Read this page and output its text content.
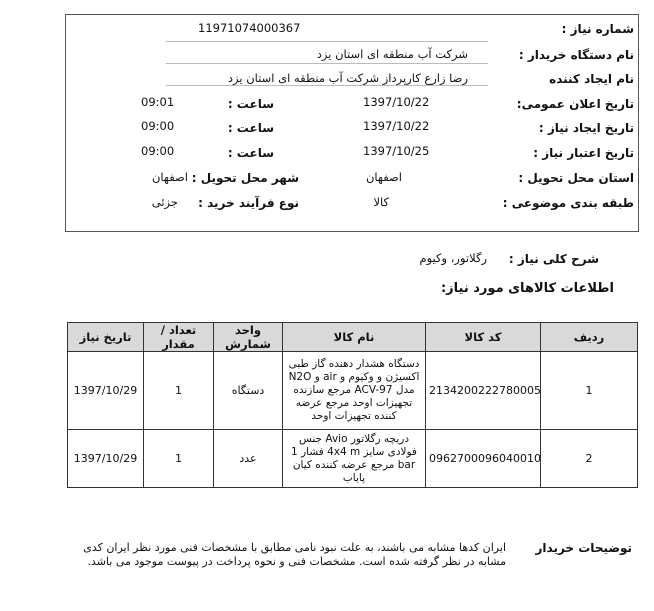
شماره نیاز :
11971074000367
نام دستگاه خریدار :
شرکت آب منطقه ای استان یزد
نام ایجاد کننده
رضا زارع کارپرداز شرکت آب منطقه ای استان یزد
تاریخ اعلان عمومی:
1397/10/22
ساعت :
09:01
تاریخ ایجاد نیاز :
1397/10/22
ساعت :
09:00
تاریخ اعتبار نیاز :
1397/10/25
ساعت :
09:00
استان محل تحویل :
اصفهان
شهر محل تحویل :
اصفهان
طبقه بندی موضوعی :
کالا
نوع فرآیند خرید :
جزئی
شرح کلی نیاز :
رگلاتور، وکیوم
اطلاعات کالاهای مورد نیاز:
تاریخ نیاز	تعداد / مقدار	واحد شمارش	نام کالا	کد کالا	ردیف
1397/10/29	1	دستگاه	دستگاه هشدار دهنده گاز طبی اکسیژن و وکیوم و air و N2O مدل ACV-97 مرجع سازنده تجهیزات اوحد مرجع عرضه کننده تجهیزات اوحد	2134200222780005	1
1397/10/29	1	عدد	دریچه رگلاتور Avio جنس فولادی سایز 4x4 m فشار 1 bar مرجع عرضه کننده کیان پایاب	0962700096040010	2
توضیحات خریدار
ایران کدها مشابه می باشند، به علت نبود نامی مطابق با مشخصات فنی مورد نظر ایران کدی مشابه در نظر گرفته شده است. مشخصات فنی و نحوه پرداخت در پیوست موجود می باشد.
